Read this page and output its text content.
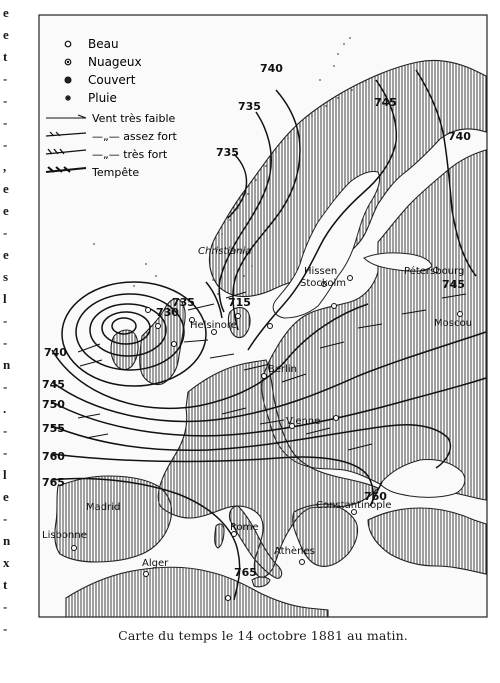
e
e
t
-
-
-
-
,
e
e
-
e
s
l
-
-
n
-
.
-
-
l
e
-
n
x
t
-
-
Beau
Nuageux
Couvert
Pluie
Vent très faible
—„— assez fort
—„— très fort
Tempête
740
735
735
745
740
735
730
715
740
745
750
755
760
765
765
760
745
Christiania
Hissen
Stockolm
Pétersbourg
Moscou
Helsinore
Berlin
Vienne
Madrid
Lisbonne
Rome
Constantinople
Athènes
Alger
Carte du temps le 14 octobre 1881 au matin.
